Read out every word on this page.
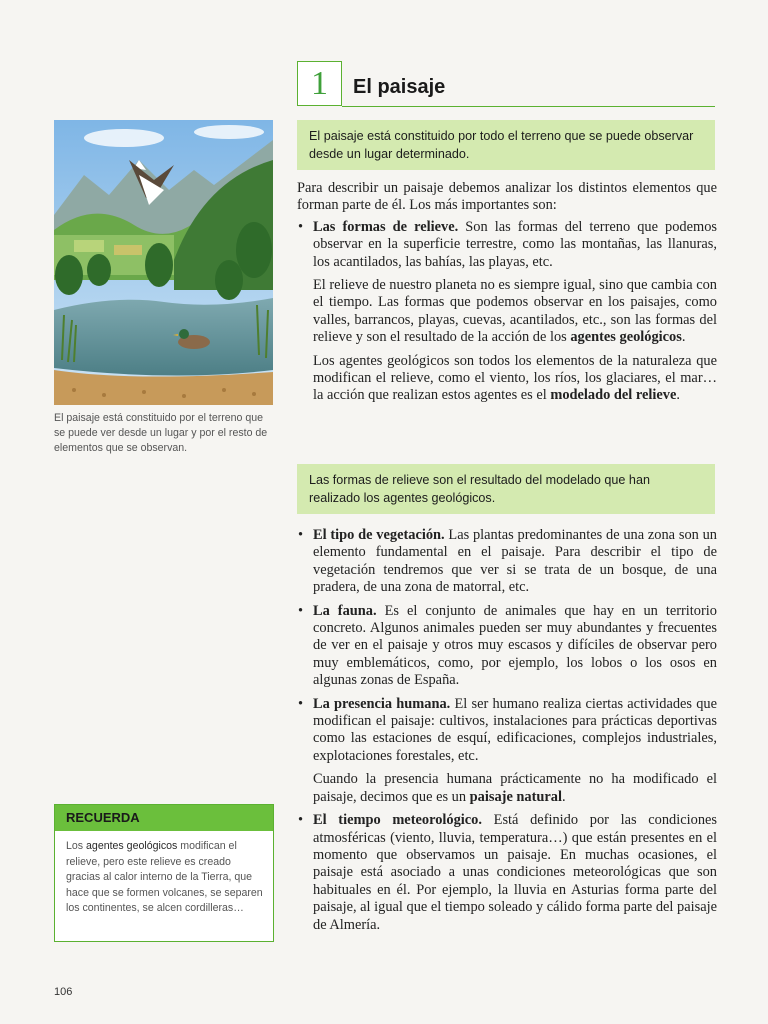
1	El paisaje
El paisaje está constituido por todo el terreno que se puede observar desde un lugar determinado.

Para describir un paisaje debemos analizar los distintos elementos que forman parte de él. Los más importantes son:

• Las formas de relieve. Son las formas del terreno que podemos observar en la superficie terrestre, como las montañas, las llanuras, los acantilados, las bahías, las playas, etc.

El relieve de nuestro planeta no es siempre igual, sino que cambia con el tiempo. Las formas que podemos observar en los paisajes, como valles, barrancos, playas, cuevas, acantilados, etc., son las formas del relieve y son el resultado de la acción de los agentes geológicos.

Los agentes geológicos son todos los elementos de la naturaleza que modifican el relieve, como el viento, los ríos, los glaciares, el mar… la acción que realizan estos agentes es el modelado del relieve.

Las formas de relieve son el resultado del modelado que han realizado los agentes geológicos.

• El tipo de vegetación. Las plantas predominantes de una zona son un elemento fundamental en el paisaje. Para describir el tipo de vegetación tendremos que ver si se trata de un bosque, de una pradera, de una zona de matorral, etc.

• La fauna. Es el conjunto de animales que hay en un territorio concreto. Algunos animales pueden ser muy abundantes y frecuentes de ver en el paisaje y otros muy escasos y difíciles de observar pero muy emblemáticos, como, por ejemplo, los lobos o los osos en algunas zonas de España.

• La presencia humana. El ser humano realiza ciertas actividades que modifican el paisaje: cultivos, instalaciones para prácticas deportivas como las estaciones de esquí, edificaciones, complejos industriales, explotaciones forestales, etc.

Cuando la presencia humana prácticamente no ha modificado el paisaje, decimos que es un paisaje natural.

• El tiempo meteorológico. Está definido por las condiciones atmosféricas (viento, lluvia, temperatura…) que están presentes en el momento que observamos un paisaje. En muchas ocasiones, el paisaje está asociado a unas condiciones meteorológicas que son habituales en él. Por ejemplo, la lluvia en Asturias forma parte del paisaje, al igual que el tiempo soleado y cálido forma parte del paisaje de Almería.

El paisaje está constituido por el terreno que se puede ver desde un lugar y por el resto de elementos que se observan.
RECUERDA
Los agentes geológicos modifican el relieve, pero este relieve es creado gracias al calor interno de la Tierra, que hace que se formen volcanes, se separen los continentes, se alcen cordilleras…
106
